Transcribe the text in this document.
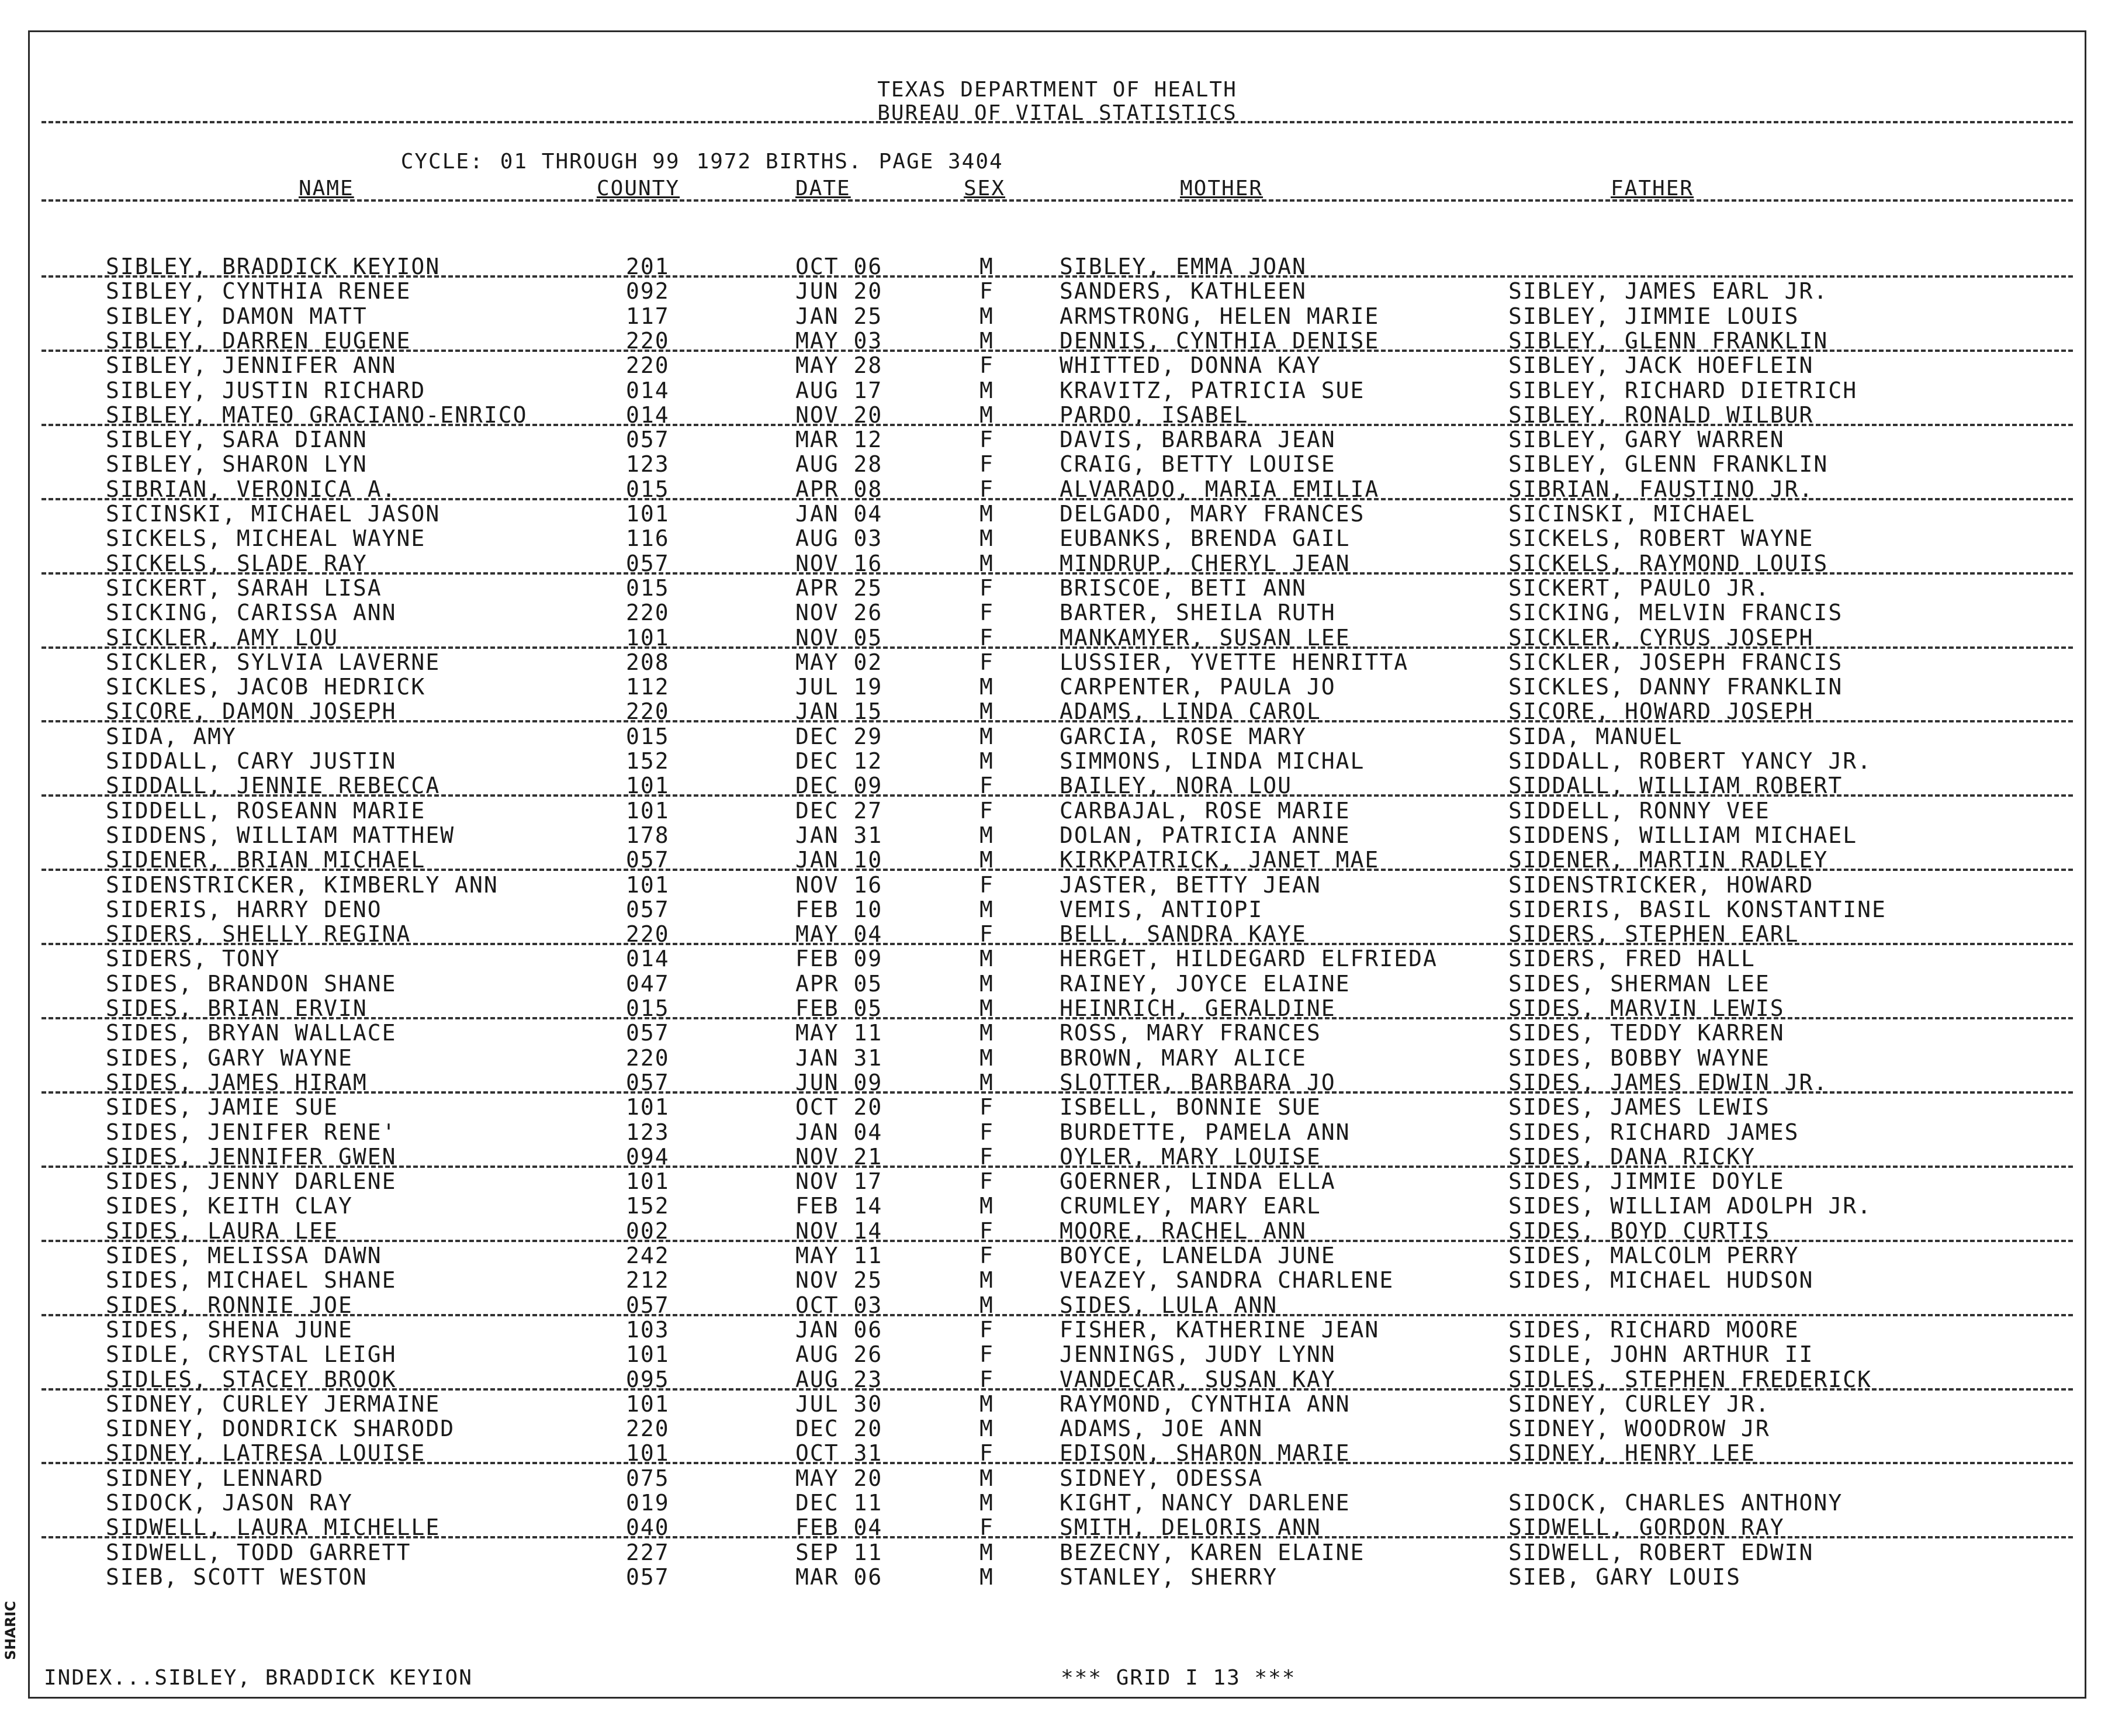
TEXAS DEPARTMENT OF HEALTH
BUREAU OF VITAL STATISTICS

CYCLE: 01 THROUGH 99 1972 BIRTHS. PAGE 3404

NAME	COUNTY	DATE	SEX	MOTHER	FATHER
SIBLEY, BRADDICK KEYION	201	OCT 06	M	SIBLEY, EMMA JOAN
SIBLEY, CYNTHIA RENEE	092	JUN 20	F	SANDERS, KATHLEEN	SIBLEY, JAMES EARL JR.
SIBLEY, DAMON MATT	117	JAN 25	M	ARMSTRONG, HELEN MARIE	SIBLEY, JIMMIE LOUIS
SIBLEY, DARREN EUGENE	220	MAY 03	M	DENNIS, CYNTHIA DENISE	SIBLEY, GLENN FRANKLIN
SIBLEY, JENNIFER ANN	220	MAY 28	F	WHITTED, DONNA KAY	SIBLEY, JACK HOEFLEIN
SIBLEY, JUSTIN RICHARD	014	AUG 17	M	KRAVITZ, PATRICIA SUE	SIBLEY, RICHARD DIETRICH
SIBLEY, MATEO GRACIANO-ENRICO	014	NOV 20	M	PARDO, ISABEL	SIBLEY, RONALD WILBUR
SIBLEY, SARA DIANN	057	MAR 12	F	DAVIS, BARBARA JEAN	SIBLEY, GARY WARREN
SIBLEY, SHARON LYN	123	AUG 28	F	CRAIG, BETTY LOUISE	SIBLEY, GLENN FRANKLIN
SIBRIAN, VERONICA A.	015	APR 08	F	ALVARADO, MARIA EMILIA	SIBRIAN, FAUSTINO JR.
SICINSKI, MICHAEL JASON	101	JAN 04	M	DELGADO, MARY FRANCES	SICINSKI, MICHAEL
SICKELS, MICHEAL WAYNE	116	AUG 03	M	EUBANKS, BRENDA GAIL	SICKELS, ROBERT WAYNE
SICKELS, SLADE RAY	057	NOV 16	M	MINDRUP, CHERYL JEAN	SICKELS, RAYMOND LOUIS
SICKERT, SARAH LISA	015	APR 25	F	BRISCOE, BETI ANN	SICKERT, PAULO JR.
SICKING, CARISSA ANN	220	NOV 26	F	BARTER, SHEILA RUTH	SICKING, MELVIN FRANCIS
SICKLER, AMY LOU	101	NOV 05	F	MANKAMYER, SUSAN LEE	SICKLER, CYRUS JOSEPH
SICKLER, SYLVIA LAVERNE	208	MAY 02	F	LUSSIER, YVETTE HENRITTA	SICKLER, JOSEPH FRANCIS
SICKLES, JACOB HEDRICK	112	JUL 19	M	CARPENTER, PAULA JO	SICKLES, DANNY FRANKLIN
SICORE, DAMON JOSEPH	220	JAN 15	M	ADAMS, LINDA CAROL	SICORE, HOWARD JOSEPH
SIDA, AMY	015	DEC 29	M	GARCIA, ROSE MARY	SIDA, MANUEL
SIDDALL, CARY JUSTIN	152	DEC 12	M	SIMMONS, LINDA MICHAL	SIDDALL, ROBERT YANCY JR.
SIDDALL, JENNIE REBECCA	101	DEC 09	F	BAILEY, NORA LOU	SIDDALL, WILLIAM ROBERT
SIDDELL, ROSEANN MARIE	101	DEC 27	F	CARBAJAL, ROSE MARIE	SIDDELL, RONNY VEE
SIDDENS, WILLIAM MATTHEW	178	JAN 31	M	DOLAN, PATRICIA ANNE	SIDDENS, WILLIAM MICHAEL
SIDENER, BRIAN MICHAEL	057	JAN 10	M	KIRKPATRICK, JANET MAE	SIDENER, MARTIN RADLEY
SIDENSTRICKER, KIMBERLY ANN	101	NOV 16	F	JASTER, BETTY JEAN	SIDENSTRICKER, HOWARD
SIDERIS, HARRY DENO	057	FEB 10	M	VEMIS, ANTIOPI	SIDERIS, BASIL KONSTANTINE
SIDERS, SHELLY REGINA	220	MAY 04	F	BELL, SANDRA KAYE	SIDERS, STEPHEN EARL
SIDERS, TONY	014	FEB 09	M	HERGET, HILDEGARD ELFRIEDA	SIDERS, FRED HALL
SIDES, BRANDON SHANE	047	APR 05	M	RAINEY, JOYCE ELAINE	SIDES, SHERMAN LEE
SIDES, BRIAN ERVIN	015	FEB 05	M	HEINRICH, GERALDINE	SIDES, MARVIN LEWIS
SIDES, BRYAN WALLACE	057	MAY 11	M	ROSS, MARY FRANCES	SIDES, TEDDY KARREN
SIDES, GARY WAYNE	220	JAN 31	M	BROWN, MARY ALICE	SIDES, BOBBY WAYNE
SIDES, JAMES HIRAM	057	JUN 09	M	SLOTTER, BARBARA JO	SIDES, JAMES EDWIN JR.
SIDES, JAMIE SUE	101	OCT 20	F	ISBELL, BONNIE SUE	SIDES, JAMES LEWIS
SIDES, JENIFER RENE'	123	JAN 04	F	BURDETTE, PAMELA ANN	SIDES, RICHARD JAMES
SIDES, JENNIFER GWEN	094	NOV 21	F	OYLER, MARY LOUISE	SIDES, DANA RICKY
SIDES, JENNY DARLENE	101	NOV 17	F	GOERNER, LINDA ELLA	SIDES, JIMMIE DOYLE
SIDES, KEITH CLAY	152	FEB 14	M	CRUMLEY, MARY EARL	SIDES, WILLIAM ADOLPH JR.
SIDES, LAURA LEE	002	NOV 14	F	MOORE, RACHEL ANN	SIDES, BOYD CURTIS
SIDES, MELISSA DAWN	242	MAY 11	F	BOYCE, LANELDA JUNE	SIDES, MALCOLM PERRY
SIDES, MICHAEL SHANE	212	NOV 25	M	VEAZEY, SANDRA CHARLENE	SIDES, MICHAEL HUDSON
SIDES, RONNIE JOE	057	OCT 03	M	SIDES, LULA ANN
SIDES, SHENA JUNE	103	JAN 06	F	FISHER, KATHERINE JEAN	SIDES, RICHARD MOORE
SIDLE, CRYSTAL LEIGH	101	AUG 26	F	JENNINGS, JUDY LYNN	SIDLE, JOHN ARTHUR II
SIDLES, STACEY BROOK	095	AUG 23	F	VANDECAR, SUSAN KAY	SIDLES, STEPHEN FREDERICK
SIDNEY, CURLEY JERMAINE	101	JUL 30	M	RAYMOND, CYNTHIA ANN	SIDNEY, CURLEY JR.
SIDNEY, DONDRICK SHARODD	220	DEC 20	M	ADAMS, JOE ANN	SIDNEY, WOODROW JR
SIDNEY, LATRESA LOUISE	101	OCT 31	F	EDISON, SHARON MARIE	SIDNEY, HENRY LEE
SIDNEY, LENNARD	075	MAY 20	M	SIDNEY, ODESSA
SIDOCK, JASON RAY	019	DEC 11	M	KIGHT, NANCY DARLENE	SIDOCK, CHARLES ANTHONY
SIDWELL, LAURA MICHELLE	040	FEB 04	F	SMITH, DELORIS ANN	SIDWELL, GORDON RAY
SIDWELL, TODD GARRETT	227	SEP 11	M	BEZECNY, KAREN ELAINE	SIDWELL, ROBERT EDWIN
SIEB, SCOTT WESTON	057	MAR 06	M	STANLEY, SHERRY	SIEB, GARY LOUIS
INDEX...SIBLEY, BRADDICK KEYION	*** GRID I 13 ***
SHARIC
